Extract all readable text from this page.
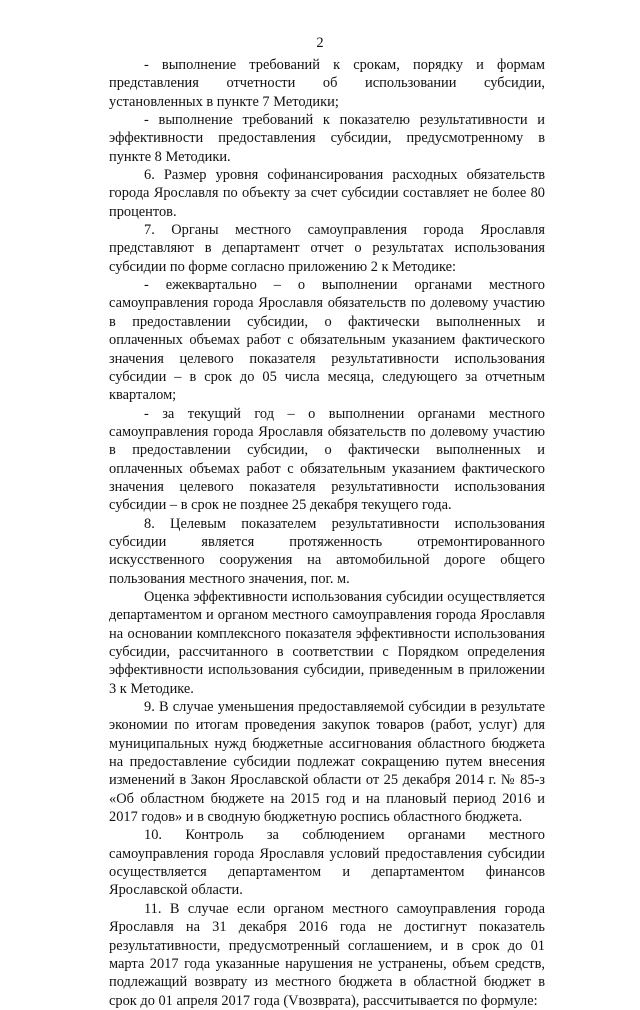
2

- выполнение требований к срокам, порядку и формам представления отчетности об использовании субсидии, установленных в пункте 7 Методики;

- выполнение требований к показателю результативности и эффективности предоставления субсидии, предусмотренному в пункте 8 Методики.

6. Размер уровня софинансирования расходных обязательств города Ярославля по объекту за счет субсидии составляет не более 80 процентов.

7. Органы местного самоуправления города Ярославля представляют в департамент отчет о результатах использования субсидии по форме согласно приложению 2 к Методике:

- ежеквартально – о выполнении органами местного самоуправления города Ярославля обязательств по долевому участию в предоставлении субсидии, о фактически выполненных и оплаченных объемах работ с обязательным указанием фактического значения целевого показателя результативности использования субсидии – в срок до 05 числа месяца, следующего за отчетным кварталом;

- за текущий год – о выполнении органами местного самоуправления города Ярославля обязательств по долевому участию в предоставлении субсидии, о фактически выполненных и оплаченных объемах работ с обязательным указанием фактического значения целевого показателя результативности использования субсидии – в срок не позднее 25 декабря текущего года.

8. Целевым показателем результативности использования субсидии является протяженность отремонтированного искусственного сооружения на автомобильной дороге общего пользования местного значения, пог. м.

Оценка эффективности использования субсидии осуществляется департаментом и органом местного самоуправления города Ярославля на основании комплексного показателя эффективности использования субсидии, рассчитанного в соответствии с Порядком определения эффективности использования субсидии, приведенным в приложении 3 к Методике.

9. В случае уменьшения предоставляемой субсидии в результате экономии по итогам проведения закупок товаров (работ, услуг) для муниципальных нужд бюджетные ассигнования областного бюджета на предоставление субсидии подлежат сокращению путем внесения изменений в Закон Ярославской области от 25 декабря 2014 г. № 85-з «Об областном бюджете на 2015 год и на плановый период 2016 и 2017 годов» и в сводную бюджетную роспись областного бюджета.

10. Контроль за соблюдением органами местного самоуправления города Ярославля условий предоставления субсидии осуществляется департаментом и департаментом финансов Ярославской области.

11. В случае если органом местного самоуправления города Ярославля на 31 декабря 2016 года не достигнут показатель результативности, предусмотренный соглашением, и в срок до 01 марта 2017 года указанные нарушения не устранены, объем средств, подлежащий возврату из местного бюджета в областной бюджет в срок до 01 апреля 2017 года (Vвозврата), рассчитывается по формуле:
